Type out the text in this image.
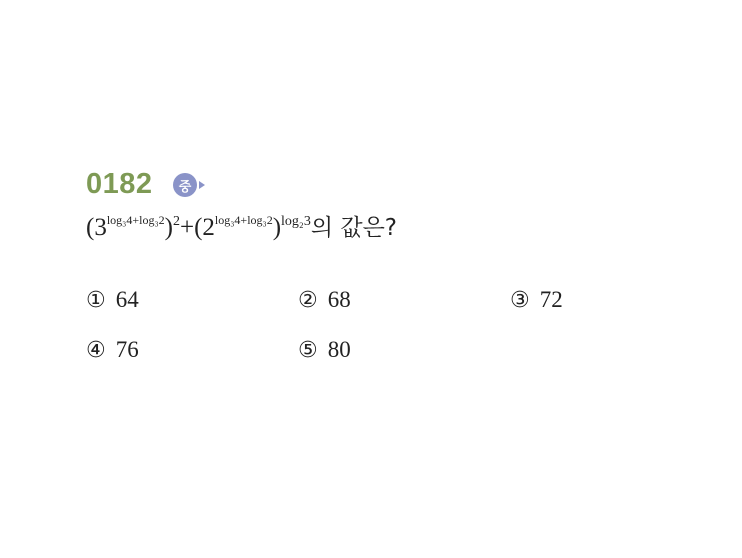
0182	중
$(3^{log_34+log_32})^2+(2^{log_34+log_32})^{log_23}$의 값은?
① 64	② 68	③ 72
④ 76	⑤ 80
